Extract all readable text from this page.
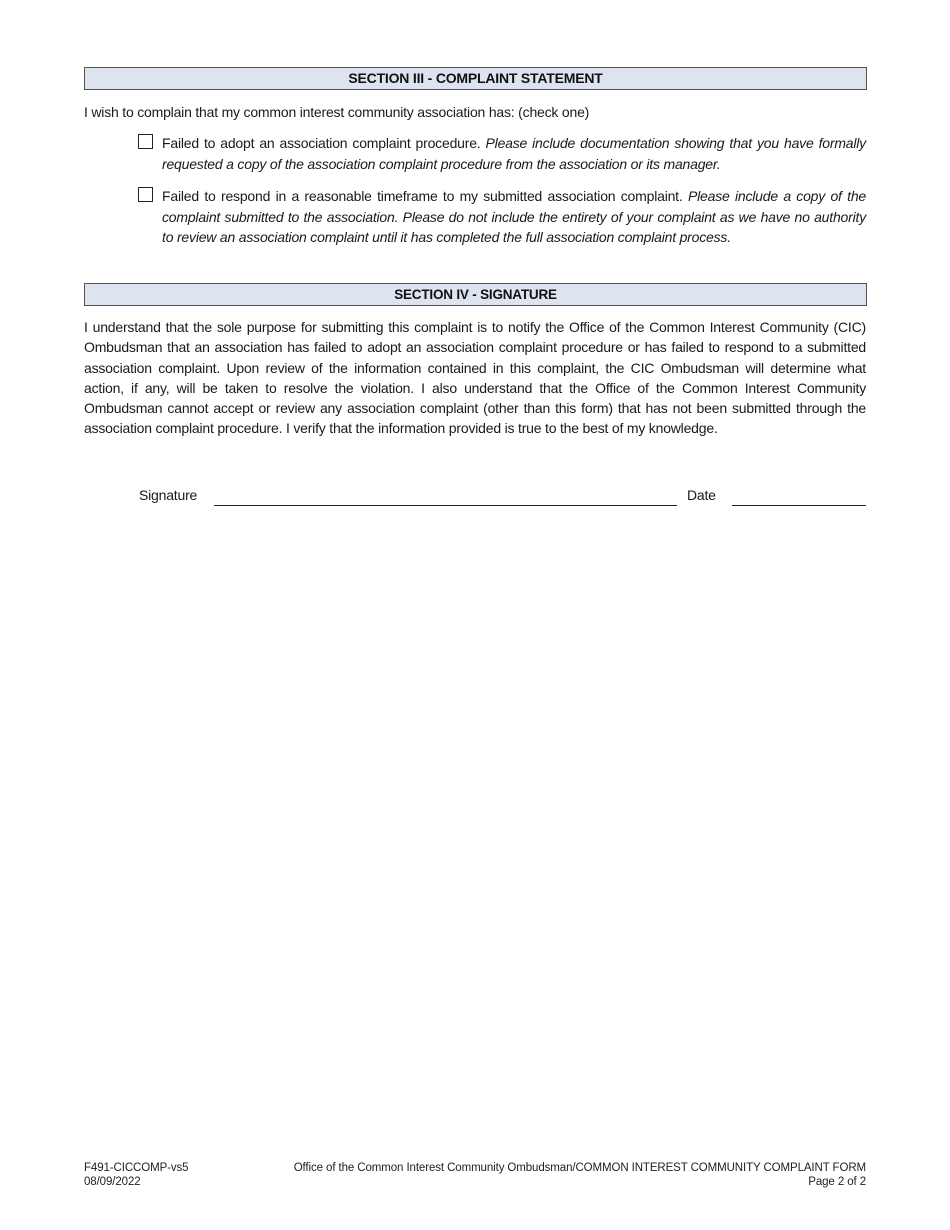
SECTION III - COMPLAINT STATEMENT
I wish to complain that my common interest community association has: (check one)
Failed to adopt an association complaint procedure. Please include documentation showing that you have formally requested a copy of the association complaint procedure from the association or its manager.
Failed to respond in a reasonable timeframe to my submitted association complaint. Please include a copy of the complaint submitted to the association. Please do not include the entirety of your complaint as we have no authority to review an association complaint until it has completed the full association complaint process.
SECTION IV - SIGNATURE
I understand that the sole purpose for submitting this complaint is to notify the Office of the Common Interest Community (CIC) Ombudsman that an association has failed to adopt an association complaint procedure or has failed to respond to a submitted association complaint. Upon review of the information contained in this complaint, the CIC Ombudsman will determine what action, if any, will be taken to resolve the violation. I also understand that the Office of the Common Interest Community Ombudsman cannot accept or review any association complaint (other than this form) that has not been submitted through the association complaint procedure. I verify that the information provided is true to the best of my knowledge.
Signature	Date
F491-CICCOMP-vs5
08/09/2022
Office of the Common Interest Community Ombudsman/COMMON INTEREST COMMUNITY COMPLAINT FORM
Page 2 of 2
